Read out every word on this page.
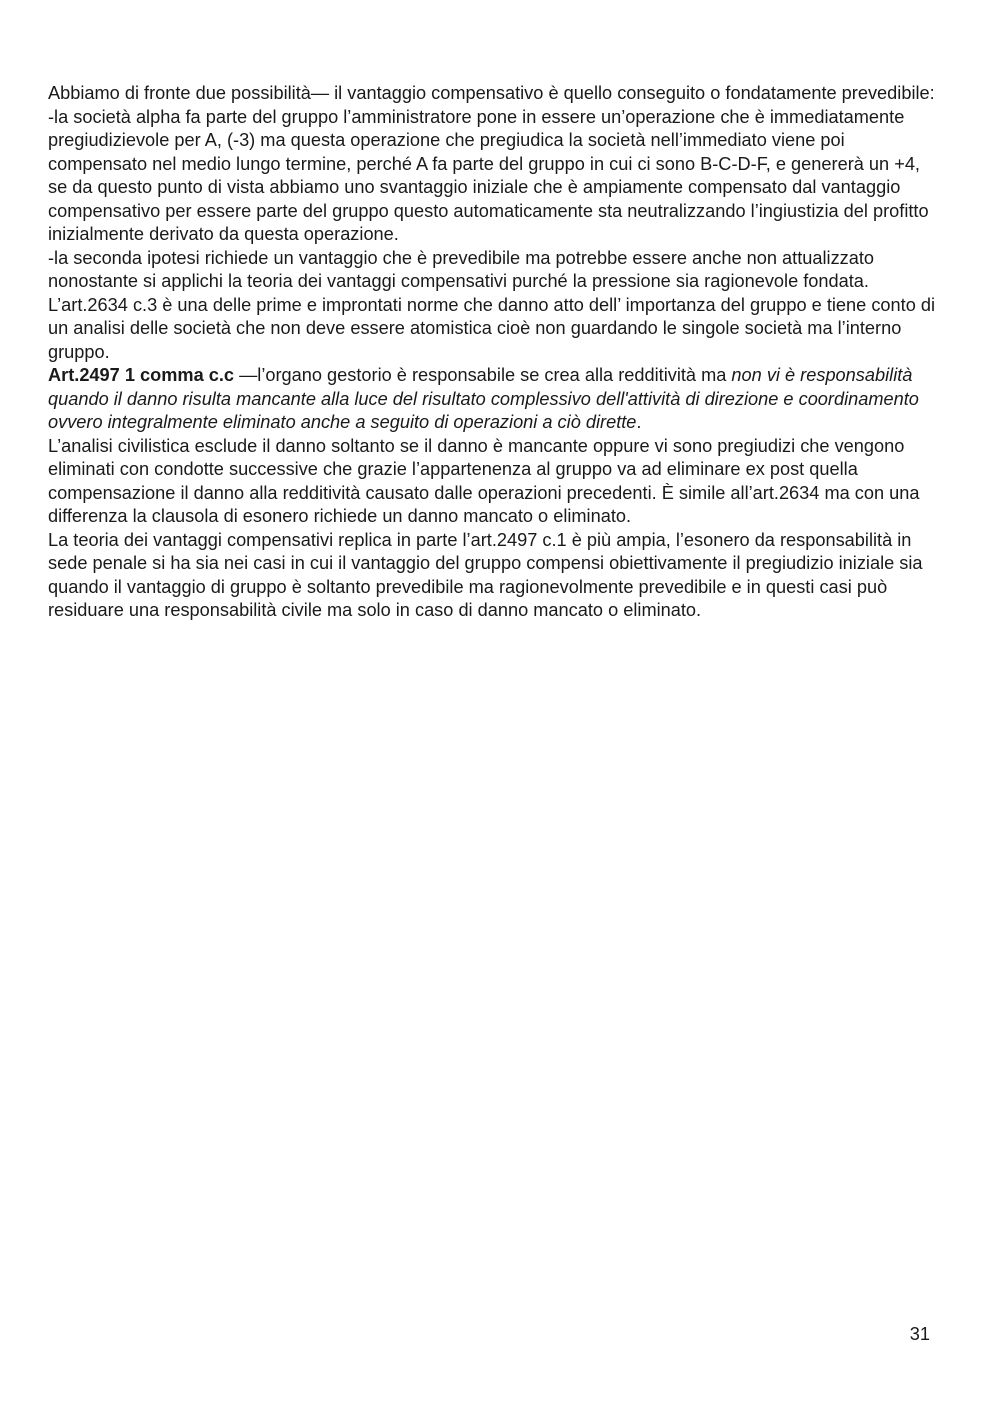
Abbiamo di fronte due possibilità— il vantaggio compensativo è quello conseguito o fondatamente prevedibile:

-la società alpha fa parte del gruppo l’amministratore pone in essere un’operazione che è immediatamente pregiudizievole per A, (-3) ma questa operazione che pregiudica la società nell’immediato viene poi compensato nel medio lungo termine, perché A fa parte del gruppo in cui ci sono B-C-D-F, e genererà un +4, se da questo punto di vista abbiamo uno svantaggio iniziale che è ampiamente compensato dal vantaggio compensativo per essere parte del gruppo questo automaticamente sta neutralizzando l’ingiustizia del profitto inizialmente derivato da questa operazione.

-la seconda ipotesi richiede un vantaggio che è prevedibile ma potrebbe essere anche non attualizzato nonostante si applichi la teoria dei vantaggi compensativi purché la pressione sia ragionevole fondata.

L’art.2634 c.3 è una delle prime e improntati norme che danno atto dell’ importanza del gruppo e tiene conto di un analisi delle società che non deve essere atomistica cioè non guardando le singole società ma l’interno gruppo.

Art.2497 1 comma c.c —l’organo gestorio è responsabile se crea alla redditività ma non vi è responsabilità quando il danno risulta mancante alla luce del risultato complessivo dell'attività di direzione e coordinamento ovvero integralmente eliminato anche a seguito di operazioni a ciò dirette.

L’analisi civilistica esclude il danno soltanto se il danno è mancante oppure vi sono pregiudizi che vengono eliminati con condotte successive che grazie l’appartenenza al gruppo va ad eliminare ex post quella compensazione il danno alla redditività causato dalle operazioni precedenti. È simile all’art.2634 ma con una differenza la clausola di esonero richiede un danno mancato o eliminato.

La teoria dei vantaggi compensativi replica in parte l’art.2497 c.1 è più ampia, l’esonero da responsabilità in sede penale si ha sia nei casi in cui il vantaggio del gruppo compensi obiettivamente il pregiudizio iniziale sia quando il vantaggio di gruppo è soltanto prevedibile ma ragionevolmente prevedibile e in questi casi può residuare una responsabilità civile ma solo in caso di danno mancato o eliminato.

31
